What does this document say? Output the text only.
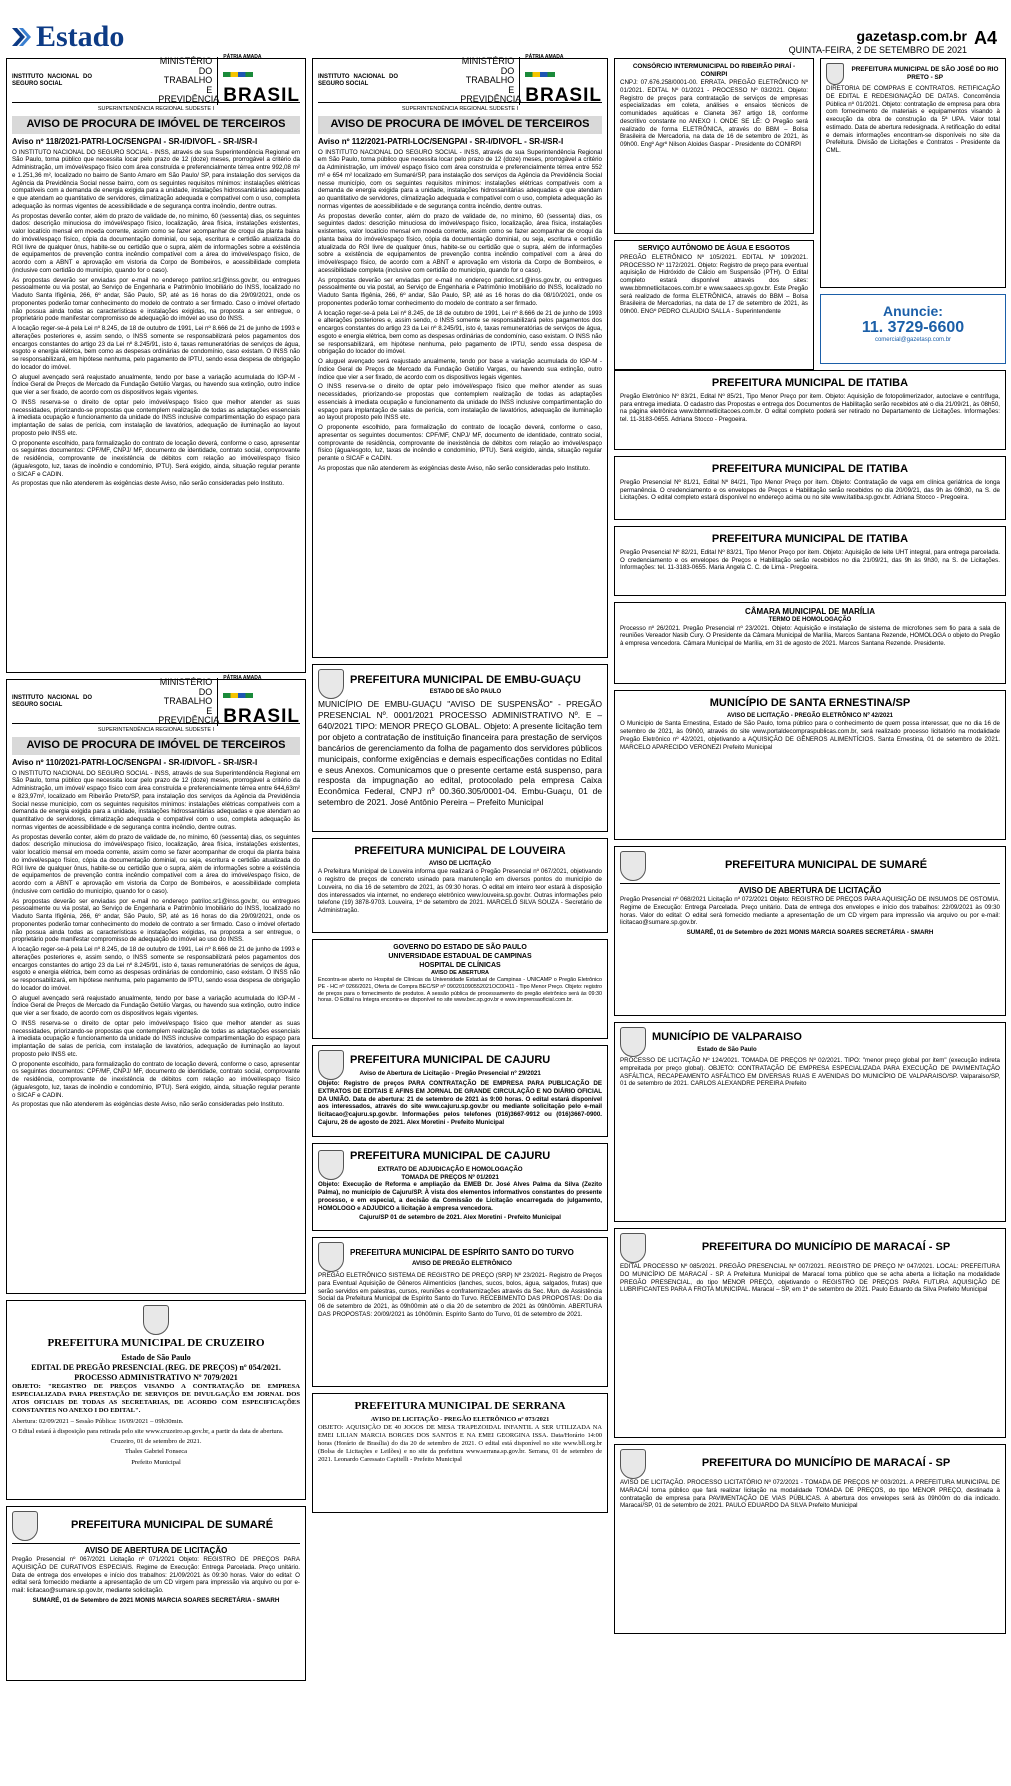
Estado	gazetasp.com.br
QUINTA-FEIRA, 2 DE SETEMBRO DE 2021
A4
INSTITUTO NACIONAL DO SEGURO SOCIAL
MINISTÉRIO DO TRABALHO E PREVIDÊNCIA
PÁTRIA AMADA
BRASIL
SUPERINTENDÊNCIA REGIONAL SUDESTE I
AVISO DE PROCURA DE IMÓVEL DE TERCEIROS
Aviso nº 118/2021-PATRI-LOC/SENGPAI - SR-I/DIVOFL - SR-I/SR-I

O INSTITUTO NACIONAL DO SEGURO SOCIAL - INSS, através de sua Superintendência Regional em São Paulo, torna público que necessita locar pelo prazo de 12 (doze) meses, prorrogável a critério da Administração, um imóvel/espaço físico com área construída e preferencialmente térrea entre 992,08 m² e 1.251,36 m², localizado no bairro de Santo Amaro em São Paulo/ SP, para instalação dos serviços da Agência da Previdência Social nesse bairro, com os seguintes requisitos mínimos: instalações elétricas compatíveis com a demanda de energia exigida para a unidade, instalações hidrossanitárias adequadas e que atendam ao quantitativo de servidores, climatização adequada e compatível com o uso, completa adequação às normas vigentes de acessibilidade e de segurança contra incêndio, dentre outras.

As propostas deverão conter, além do prazo de validade de, no mínimo, 60 (sessenta) dias, os seguintes dados: descrição minuciosa do imóvel/espaço físico, localização, área física, instalações existentes, valor locatício mensal em moeda corrente, assim como se fazer acompanhar de croqui da planta baixa do imóvel/espaço físico, cópia da documentação dominial, ou seja, escritura e certidão atualizada do RGI livre de qualquer ônus, habite-se ou certidão que o supra, além de informações sobre a existência de equipamentos de prevenção contra incêndio compatível com a área do imóvel/espaço físico, de acordo com a ABNT e aprovação em vistoria da Corpo de Bombeiros, e acessibilidade completa (inclusive com certidão do município, quando for o caso).

As propostas deverão ser enviadas por e-mail no endereço patriloc.sr1@inss.gov.br, ou entregues pessoalmente ou via postal, ao Serviço de Engenharia e Patrimônio Imobiliário do INSS, localizado no Viaduto Santa Ifigênia, 266, 6º andar, São Paulo, SP, até as 16 horas do dia 29/09/2021, onde os proponentes poderão tomar conhecimento do modelo de contrato a ser firmado. Caso o imóvel ofertado não possua ainda todas as características e instalações exigidas, na proposta a ser entregue, o proprietário pode manifestar compromisso de adequação do imóvel ao uso do INSS.

A locação reger-se-á pela Lei nº 8.245, de 18 de outubro de 1991, Lei nº 8.666 de 21 de junho de 1993 e alterações posteriores e, assim sendo, o INSS somente se responsabilizará pelos pagamentos dos encargos constantes do artigo 23 da Lei nº 8.245/91, isto é, taxas remuneratórias de serviços de água, esgoto e energia elétrica, bem como as despesas ordinárias de condomínio, caso existam. O INSS não se responsabilizará, em hipótese nenhuma, pelo pagamento de IPTU, sendo essa despesa de obrigação do locador do imóvel.

O aluguel avençado será reajustado anualmente, tendo por base a variação acumulada do IGP-M - Índice Geral de Preços de Mercado da Fundação Getúlio Vargas, ou havendo sua extinção, outro índice que vier a ser fixado, de acordo com os dispositivos legais vigentes.

O INSS reserva-se o direito de optar pelo imóvel/espaço físico que melhor atender as suas necessidades, priorizando-se propostas que contemplem realização de todas as adaptações essenciais à imediata ocupação e funcionamento da unidade do INSS inclusive compartimentação do espaço para implantação de salas de perícia, com instalação de lavatórios, adequação de iluminação ao layout proposto pelo INSS etc.

O proponente escolhido, para formalização do contrato de locação deverá, conforme o caso, apresentar os seguintes documentos: CPF/MF, CNPJ/ MF, documento de identidade, contrato social, comprovante de residência, comprovante de inexistência de débitos com relação ao imóvel/espaço físico (água/esgoto, luz, taxas de incêndio e condomínio, IPTU). Será exigido, ainda, situação regular perante o SICAF e CADIN.

As propostas que não atenderem às exigências deste Aviso, não serão consideradas pelo Instituto.

INSTITUTO NACIONAL DO SEGURO SOCIAL
MINISTÉRIO DO TRABALHO E PREVIDÊNCIA
PÁTRIA AMADA
BRASIL
SUPERINTENDÊNCIA REGIONAL SUDESTE I
AVISO DE PROCURA DE IMÓVEL DE TERCEIROS
Aviso nº 110/2021-PATRI-LOC/SENGPAI - SR-I/DIVOFL - SR-I/SR-I

O INSTITUTO NACIONAL DO SEGURO SOCIAL - INSS, através de sua Superintendência Regional em São Paulo, torna público que necessita locar pelo prazo de 12 (doze) meses, prorrogável a critério da Administração, um imóvel/ espaço físico com área construída e preferencialmente térrea entre 644,63m² e 823,97m², localizado em Ribeirão Preto/SP, para instalação dos serviços da Agência da Previdência Social nesse município, com os seguintes requisitos mínimos: instalações elétricas compatíveis com a demanda de energia exigida para a unidade, instalações hidrossanitárias adequadas e que atendam ao quantitativo de servidores, climatização adequada e compatível com o uso, completa adequação às normas vigentes de acessibilidade e de segurança contra incêndio, dentre outras.

As propostas deverão conter, além do prazo de validade de, no mínimo, 60 (sessenta) dias, os seguintes dados: descrição minuciosa do imóvel/espaço físico, localização, área física, instalações existentes, valor locatício mensal em moeda corrente, assim como se fazer acompanhar de croqui da planta baixa do imóvel/espaço físico, cópia da documentação dominial, ou seja, escritura e certidão atualizada do RGI livre de qualquer ônus, habite-se ou certidão que o supra, além de informações sobre a existência de equipamentos de prevenção contra incêndio compatível com a área do imóvel/espaço físico, de acordo com a ABNT e aprovação em vistoria da Corpo de Bombeiros, e acessibilidade completa (inclusive com certidão do município, quando for o caso).

As propostas deverão ser enviadas por e-mail no endereço patriloc.sr1@inss.gov.br, ou entregues pessoalmente ou via postal, ao Serviço de Engenharia e Patrimônio Imobiliário do INSS, localizado no Viaduto Santa Ifigênia, 266, 6º andar, São Paulo, SP, até as 16 horas do dia 29/09/2021, onde os proponentes poderão tomar conhecimento do modelo de contrato a ser firmado. Caso o imóvel ofertado não possua ainda todas as características e instalações exigidas, na proposta a ser entregue, o proprietário pode manifestar compromisso de adequação do imóvel ao uso do INSS.

A locação reger-se-á pela Lei nº 8.245, de 18 de outubro de 1991, Lei nº 8.666 de 21 de junho de 1993 e alterações posteriores e, assim sendo, o INSS somente se responsabilizará pelos pagamentos dos encargos constantes do artigo 23 da Lei nº 8.245/91, isto é, taxas remuneratórias de serviços de água, esgoto e energia elétrica, bem como as despesas ordinárias de condomínio, caso existam. O INSS não se responsabilizará, em hipótese nenhuma, pelo pagamento de IPTU, sendo essa despesa de obrigação do locador do imóvel.

O aluguel avençado será reajustado anualmente, tendo por base a variação acumulada do IGP-M - Índice Geral de Preços de Mercado da Fundação Getúlio Vargas, ou havendo sua extinção, outro índice que vier a ser fixado, de acordo com os dispositivos legais vigentes.

O INSS reserva-se o direito de optar pelo imóvel/espaço físico que melhor atender as suas necessidades, priorizando-se propostas que contemplem realização de todas as adaptações essenciais à imediata ocupação e funcionamento da unidade do INSS inclusive compartimentação do espaço para implantação de salas de perícia, com instalação de lavatórios, adequação de iluminação ao layout proposto pelo INSS etc.

O proponente escolhido, para formalização do contrato de locação deverá, conforme o caso, apresentar os seguintes documentos: CPF/MF, CNPJ/ MF, documento de identidade, contrato social, comprovante de residência, comprovante de inexistência de débitos com relação ao imóvel/espaço físico (água/esgoto, luz, taxas de incêndio e condomínio, IPTU). Será exigido, ainda, situação regular perante o SICAF e CADIN.

As propostas que não atenderem às exigências deste Aviso, não serão consideradas pelo Instituto.

PREFEITURA MUNICIPAL DE CRUZEIRO
Estado de São Paulo
EDITAL DE PREGÃO PRESENCIAL (REG. DE PREÇOS) nº 054/2021.
PROCESSO ADMINISTRATIVO Nº 7079/2021

OBJETO: "REGISTRO DE PREÇOS VISANDO A CONTRATAÇÃO DE EMPRESA ESPECIALIZADA PARA PRESTAÇÃO DE SERVIÇOS DE DIVULGAÇÃO EM JORNAL DOS ATOS OFICIAIS DE TODAS AS SECRETARIAS, DE ACORDO COM ESPECIFICAÇÕES CONSTANTES NO ANEXO I DO EDITAL".

Abertura: 02/09/2021 – Sessão Pública: 16/09/2021 – 09h30min.

O Edital estará à disposição para retirada pelo site www.cruzeiro.sp.gov.br, a partir da data de abertura.

Cruzeiro, 01 de setembro de 2021.

Thales Gabriel Fonseca

Prefeito Municipal

PREFEITURA MUNICIPAL DE SUMARÉ
AVISO DE ABERTURA DE LICITAÇÃO

Pregão Presencial nº 067/2021 Licitação nº 071/2021 Objeto: REGISTRO DE PREÇOS PARA AQUISIÇÃO DE CURATIVOS ESPECIAIS. Regime de Execução: Entrega Parcelada. Preço unitário. Data de entrega dos envelopes e início dos trabalhos: 21/09/2021 às 09:30 horas. Valor do edital: O edital será fornecido mediante a apresentação de um CD virgem para impressão via arquivo ou por e-mail: licitacao@sumare.sp.gov.br, mediante solicitação.

SUMARÉ, 01 de Setembro de 2021 MONIS MARCIA SOARES SECRETÁRIA - SMARH

INSTITUTO NACIONAL DO SEGURO SOCIAL
MINISTÉRIO DO TRABALHO E PREVIDÊNCIA
PÁTRIA AMADA
BRASIL
SUPERINTENDÊNCIA REGIONAL SUDESTE I
AVISO DE PROCURA DE IMÓVEL DE TERCEIROS
Aviso nº 112/2021-PATRI-LOC/SENGPAI - SR-I/DIVOFL - SR-I/SR-I

O INSTITUTO NACIONAL DO SEGURO SOCIAL - INSS, através de sua Superintendência Regional em São Paulo, torna público que necessita locar pelo prazo de 12 (doze) meses, prorrogável a critério da Administração, um imóvel/ espaço físico com área construída e preferencialmente térrea entre 552 m² e 654 m² localizado em Sumaré/SP, para instalação dos serviços da Agência da Previdência Social nesse município, com os seguintes requisitos mínimos: instalações elétricas compatíveis com a demanda de energia exigida para a unidade, instalações hidrossanitárias adequadas e que atendam ao quantitativo de servidores, climatização adequada e compatível com o uso, completa adequação às normas vigentes de acessibilidade e de segurança contra incêndio, dentre outras.

As propostas deverão conter, além do prazo de validade de, no mínimo, 60 (sessenta) dias, os seguintes dados: descrição minuciosa do imóvel/espaço físico, localização, área física, instalações existentes, valor locatício mensal em moeda corrente, assim como se fazer acompanhar de croqui da planta baixa do imóvel/espaço físico, cópia da documentação dominial, ou seja, escritura e certidão atualizada do RGI livre de qualquer ônus, habite-se ou certidão que o supra, além de informações sobre a existência de equipamentos de prevenção contra incêndio compatível com a área do imóvel/espaço físico, de acordo com a ABNT e aprovação em vistoria da Corpo de Bombeiros, e acessibilidade completa (inclusive com certidão do município, quando for o caso).

As propostas deverão ser enviadas por e-mail no endereço patriloc.sr1@inss.gov.br, ou entregues pessoalmente ou via postal, ao Serviço de Engenharia e Patrimônio Imobiliário do INSS, localizado no Viaduto Santa Ifigênia, 266, 6º andar, São Paulo, SP, até as 16 horas do dia 08/10/2021, onde os proponentes poderão tomar conhecimento do modelo de contrato a ser firmado.

A locação reger-se-á pela Lei nº 8.245, de 18 de outubro de 1991, Lei nº 8.666 de 21 de junho de 1993 e alterações posteriores e, assim sendo, o INSS somente se responsabilizará pelos pagamentos dos encargos constantes do artigo 23 da Lei nº 8.245/91, isto é, taxas remuneratórias de serviços de água, esgoto e energia elétrica, bem como as despesas ordinárias de condomínio, caso existam. O INSS não se responsabilizará, em hipótese nenhuma, pelo pagamento de IPTU, sendo essa despesa de obrigação do locador do imóvel.

O aluguel avençado será reajustado anualmente, tendo por base a variação acumulada do IGP-M - Índice Geral de Preços de Mercado da Fundação Getúlio Vargas, ou havendo sua extinção, outro índice que vier a ser fixado, de acordo com os dispositivos legais vigentes.

O INSS reserva-se o direito de optar pelo imóvel/espaço físico que melhor atender as suas necessidades, priorizando-se propostas que contemplem realização de todas as adaptações essenciais à imediata ocupação e funcionamento da unidade do INSS inclusive compartimentação do espaço para implantação de salas de perícia, com instalação de lavatórios, adequação de iluminação ao layout proposto pelo INSS etc.

O proponente escolhido, para formalização do contrato de locação deverá, conforme o caso, apresentar os seguintes documentos: CPF/MF, CNPJ/ MF, documento de identidade, contrato social, comprovante de residência, comprovante de inexistência de débitos com relação ao imóvel/espaço físico (água/esgoto, luz, taxas de incêndio e condomínio, IPTU). Será exigido, ainda, situação regular perante o SICAF e CADIN.

As propostas que não atenderem às exigências deste Aviso, não serão consideradas pelo Instituto.

PREFEITURA MUNICIPAL DE EMBU-GUAÇU
ESTADO DE SÃO PAULO

MUNICÍPIO DE EMBU-GUAÇU "AVISO DE SUSPENSÃO" - PREGÃO PRESENCIAL Nº. 0001/2021 PROCESSO ADMINISTRATIVO Nº. E – 640/2021 TIPO: MENOR PREÇO GLOBAL. Objeto: A presente licitação tem por objeto a contratação de instituição financeira para prestação de serviços bancários de gerenciamento da folha de pagamento dos servidores públicos municipais, conforme exigências e demais especificações contidas no Edital e seus Anexos. Comunicamos que o presente certame está suspenso, para resposta da impugnação ao edital, protocolado pela empresa Caixa Econômica Federal, CNPJ nº 00.360.305/0001-04. Embu-Guaçu, 01 de setembro de 2021. José Antônio Pereira – Prefeito Municipal

PREFEITURA MUNICIPAL DE LOUVEIRA
AVISO DE LICITAÇÃO

A Prefeitura Municipal de Louveira informa que realizará o Pregão Presencial nº 067/2021, objetivando o registro de preços de concreto usinado para manutenção em diversos pontos do município de Louveira, no dia 16 de setembro de 2021, às 09:30 horas. O edital em inteiro teor estará à disposição dos interessados via internet, no endereço eletrônico www.louveira.sp.gov.br. Outras informações pelo telefone (19) 3878-9703. Louveira, 1º de setembro de 2021. MARCELO SILVA SOUZA - Secretário de Administração.

GOVERNO DO ESTADO DE SÃO PAULO
UNIVERSIDADE ESTADUAL DE CAMPINAS
HOSPITAL DE CLÍNICAS
AVISO DE ABERTURA

Encontra-se aberto no Hospital de Clínicas da Universidade Estadual de Campinas - UNICAMP o Pregão Eletrônico PE - HC nº 0266/2021, Oferta de Compra BEC/SP nº 090201090552021OC00411 - Tipo Menor Preço. Objeto: registro de preços para o fornecimento de produtos. A sessão pública de processamento do pregão eletrônico será às 09:30 horas. O Edital na íntegra encontra-se disponível no site www.bec.sp.gov.br e www.imprensaoficial.com.br.

PREFEITURA MUNICIPAL DE CAJURU
Aviso de Abertura de Licitação - Pregão Presencial nº 29/2021

Objeto: Registro de preços PARA CONTRATAÇÃO DE EMPRESA PARA PUBLICAÇÃO DE EXTRATOS DE EDITAIS E AFINS EM JORNAL DE GRANDE CIRCULAÇÃO E NO DIÁRIO OFICIAL DA UNIÃO. Data de abertura: 21 de setembro de 2021 às 9:00 horas. O edital estará disponível aos interessados, através do site www.cajuru.sp.gov.br ou mediante solicitação pelo e-mail licitacao@cajuru.sp.gov.br. Informações pelos telefones (016)3667-9912 ou (016)3667-0900. Cajuru, 26 de agosto de 2021. Alex Moretini - Prefeito Municipal

PREFEITURA MUNICIPAL DE CAJURU
EXTRATO DE ADJUDICAÇÃO E HOMOLOGAÇÃO
TOMADA DE PREÇOS Nº 01/2021

Objeto: Execução de Reforma e ampliação da EMEB Dr. José Alves Palma da Silva (Zezito Palma), no município de Cajuru/SP. À vista dos elementos informativos constantes do presente processo, e em especial, a decisão da Comissão de Licitação encarregada do julgamento, HOMOLOGO e ADJUDICO a licitação à empresa vencedora.

Cajuru/SP 01 de setembro de 2021. Alex Moretini - Prefeito Municipal

PREFEITURA MUNICIPAL DE ESPÍRITO SANTO DO TURVO
AVISO DE PREGÃO ELETRÔNICO

PREGÃO ELETRÔNICO SISTEMA DE REGISTRO DE PREÇO (SRP) Nº 23/2021- Registro de Preços para Eventual Aquisição de Gêneros Alimentícios (lanches, sucos, bolos, água, salgados, frutas) que serão servidos em palestras, cursos, reuniões e confraternizações através da Sec. Mun. de Assistência Social da Prefeitura Municipal de Espírito Santo do Turvo. RECEBIMENTO DAS PROPOSTAS: Do dia 06 de setembro de 2021, às 09h00min até o dia 20 de setembro de 2021 às 09h00min. ABERTURA DAS PROPOSTAS: 20/09/2021 às 10h00min. Espírito Santo do Turvo, 01 de setembro de 2021.

PREFEITURA MUNICIPAL DE SERRANA
AVISO DE LICITAÇÃO - PREGÃO ELETRÔNICO nº 073/2021

OBJETO: AQUISIÇÃO DE 40 JOGOS DE MESA TRAPEZOIDAL INFANTIL A SER UTILIZADA NA EMEI LILIAN MARCIA BORGES DOS SANTOS E NA EMEI GEORGINA ISSA. Data/Horário 14:00 horas (Horário de Brasília) do dia 20 de setembro de 2021. O edital está disponível no site www.bll.org.br (Bolsa de Licitações e Leilões) e no site da prefeitura www.serrana.sp.gov.br. Serrana, 01 de setembro de 2021. Leonardo Caressato Capitelli - Prefeito Municipal

CONSÓRCIO INTERMUNICIPAL DO RIBEIRÃO PIRAÍ - CONIRPI

CNPJ: 07.676.258/0001-00. ERRATA. PREGÃO ELETRÔNICO Nº 01/2021. EDITAL Nº 01/2021 - PROCESSO Nº 03/2021. Objeto: Registro de preços para contratação de serviços de empresas especializadas em coleta, análises e ensaios técnicos de comunidades aquáticas e Cianeta 367 artigo 18, conforme descritivo constante no ANEXO I. ONDE SE LÊ: O Pregão será realizado de forma ELETRÔNICA, através do BBM – Bolsa Brasileira de Mercadoria, na data de 16 de setembro de 2021, às 09h00. Engº Agrº Nilson Aloides Gaspar - Presidente do CONIRPI

SERVIÇO AUTÔNOMO DE ÁGUA E ESGOTOS

PREGÃO ELETRÔNICO Nº 105/2021. EDITAL Nº 109/2021. PROCESSO Nº 1172/2021. Objeto: Registro de preço para eventual aquisição de Hidróxido de Cálcio em Suspensão (PTH). O Edital completo estará disponível através dos sites: www.bbmnetlicitacoes.com.br e www.saaecs.sp.gov.br. Este Pregão será realizado de forma ELETRÔNICA, através do BBM – Bolsa Brasileira de Mercadorias, na data de 17 de setembro de 2021, às 09h00. ENGº PEDRO CLAUDIO SALLA - Superintendente

PREFEITURA MUNICIPAL DE SÃO JOSÉ DO RIO PRETO - SP

DIRETORIA DE COMPRAS E CONTRATOS. RETIFICAÇÃO DE EDITAL E REDESIGNAÇÃO DE DATAS. Concorrência Pública nº 01/2021. Objeto: contratação de empresa para obra com fornecimento de materiais e equipamentos visando à execução da obra de construção da 5ª UPA. Valor total estimado. Data de abertura redesignada. A retificação do edital e demais informações encontram-se disponíveis no site da Prefeitura. Divisão de Licitações e Contratos - Presidente da CML.

Anuncie:
11. 3729-6600
comercial@gazetasp.com.br
PREFEITURA MUNICIPAL DE ITATIBA

Pregão Eletrônico Nº 83/21, Edital Nº 85/21, Tipo Menor Preço por item. Objeto: Aquisição de fotopolimerizador, autoclave e centrífuga, para entrega imediata. O cadastro das Propostas e entrega dos Documentos de Habilitação serão recebidos até o dia 21/09/21, às 08h50, na página eletrônica www.bbmnetlicitacoes.com.br. O edital completo poderá ser retirado no Departamento de Licitações. Informações: tel. 11-3183-0655. Adriana Stocco - Pregoeira.

PREFEITURA MUNICIPAL DE ITATIBA

Pregão Presencial Nº 81/21, Edital Nº 84/21, Tipo Menor Preço por item. Objeto: Contratação de vaga em clínica geriátrica de longa permanência. O credenciamento e os envelopes de Preços e Habilitação serão recebidos no dia 20/09/21, das 9h às 09h30, na S. de Licitações. O edital completo estará disponível no endereço acima ou no site www.itatiba.sp.gov.br. Adriana Stocco - Pregoeira.

PREFEITURA MUNICIPAL DE ITATIBA

Pregão Presencial Nº 82/21, Edital Nº 83/21, Tipo Menor Preço por item. Objeto: Aquisição de leite UHT integral, para entrega parcelada. O credenciamento e os envelopes de Preços e Habilitação serão recebidos no dia 21/09/21, das 9h às 9h30, na S. de Licitações. Informações: tel. 11-3183-0655. Maria Angela C. C. de Lima - Pregoeira.

CÂMARA MUNICIPAL DE MARÍLIA
TERMO DE HOMOLOGAÇÃO

Processo nº 26/2021. Pregão Presencial nº 23/2021. Objeto: Aquisição e instalação de sistema de microfones sem fio para a sala de reuniões Vereador Nasib Cury. O Presidente da Câmara Municipal de Marília, Marcos Santana Rezende, HOMOLOGA o objeto do Pregão à empresa vencedora. Câmara Municipal de Marília, em 31 de agosto de 2021. Marcos Santana Rezende. Presidente.

MUNICÍPIO DE SANTA ERNESTINA/SP
AVISO DE LICITAÇÃO - PREGÃO ELETRÔNICO Nº 42/2021

O Município de Santa Ernestina, Estado de São Paulo, torna público para o conhecimento de quem possa interessar, que no dia 16 de setembro de 2021, às 09h00, através do site www.portaldecompraspublicas.com.br, será realizado processo licitatório na modalidade Pregão Eletrônico nº 42/2021, objetivando a AQUISIÇÃO DE GÊNEROS ALIMENTÍCIOS. Santa Ernestina, 01 de setembro de 2021. MARCELO APARECIDO VERONEZI Prefeito Municipal

PREFEITURA MUNICIPAL DE SUMARÉ
AVISO DE ABERTURA DE LICITAÇÃO

Pregão Presencial nº 068/2021 Licitação nº 072/2021 Objeto: REGISTRO DE PREÇOS PARA AQUISIÇÃO DE INSUMOS DE OSTOMIA. Regime de Execução: Entrega Parcelada. Preço unitário. Data de entrega dos envelopes e início dos trabalhos: 22/09/2021 às 09:30 horas. Valor do edital: O edital será fornecido mediante a apresentação de um CD virgem para impressão via arquivo ou por e-mail: licitacao@sumare.sp.gov.br.

SUMARÉ, 01 de Setembro de 2021 MONIS MARCIA SOARES SECRETÁRIA - SMARH

MUNICÍPIO DE VALPARAISO
Estado de São Paulo

PROCESSO DE LICITAÇÃO Nº 124/2021. TOMADA DE PREÇOS Nº 02/2021. TIPO: "menor preço global por item" (execução indireta empreitada por preço global). OBJETO: CONTRATAÇÃO DE EMPRESA ESPECIALIZADA PARA EXECUÇÃO DE PAVIMENTAÇÃO ASFÁLTICA, RECAPEAMENTO ASFÁLTICO EM DIVERSAS RUAS E AVENIDAS DO MUNICÍPIO DE VALPARAISO/SP. Valparaiso/SP, 01 de setembro de 2021. CARLOS ALEXANDRE PEREIRA Prefeito

PREFEITURA DO MUNICÍPIO DE MARACAÍ - SP

EDITAL PROCESSO Nº 085/2021. PREGÃO PRESENCIAL Nº 007/2021. REGISTRO DE PREÇO Nº 047/2021. LOCAL: PREFEITURA DO MUNICÍPIO DE MARACAÍ - SP. A Prefeitura Municipal de Maracaí torna público que se acha aberta a licitação na modalidade PREGÃO PRESENCIAL, do tipo MENOR PREÇO, objetivando o REGISTRO DE PREÇOS PARA FUTURA AQUISIÇÃO DE LUBRIFICANTES PARA A FROTA MUNICIPAL. Maracaí – SP, em 1º de setembro de 2021. Paulo Eduardo da Silva Prefeito Municipal

PREFEITURA DO MUNICÍPIO DE MARACAÍ - SP

AVISO DE LICITAÇÃO. PROCESSO LICITATÓRIO Nº 072/2021 - TOMADA DE PREÇOS Nº 003/2021. A PREFEITURA MUNICIPAL DE MARACAÍ torna público que fará realizar licitação na modalidade TOMADA DE PREÇOS, do tipo MENOR PREÇO, destinada à contratação de empresa para PAVIMENTAÇÃO DE VIAS PÚBLICAS. A abertura dos envelopes será às 09h00m do dia indicado. Maracaí/SP, 01 de setembro de 2021. PAULO EDUARDO DA SILVA Prefeito Municipal
